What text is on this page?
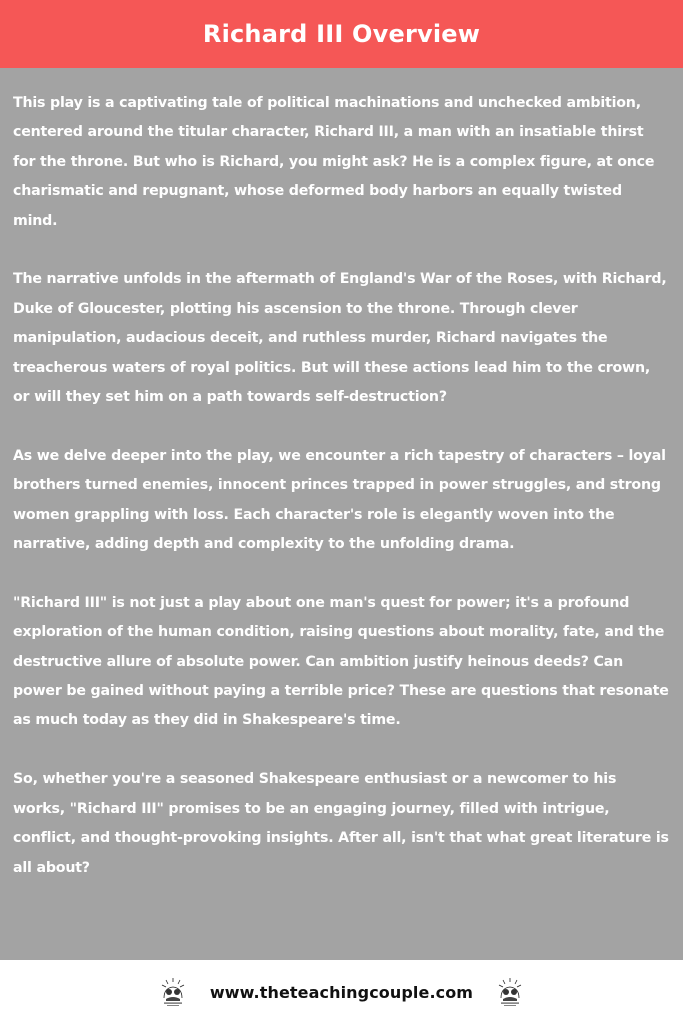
Richard III Overview

This play is a captivating tale of political machinations and unchecked ambition, centered around the titular character, Richard III, a man with an insatiable thirst for the throne. But who is Richard, you might ask? He is a complex figure, at once charismatic and repugnant, whose deformed body harbors an equally twisted mind.

The narrative unfolds in the aftermath of England's War of the Roses, with Richard, Duke of Gloucester, plotting his ascension to the throne. Through clever manipulation, audacious deceit, and ruthless murder, Richard navigates the treacherous waters of royal politics. But will these actions lead him to the crown, or will they set him on a path towards self-destruction?

As we delve deeper into the play, we encounter a rich tapestry of characters – loyal brothers turned enemies, innocent princes trapped in power struggles, and strong women grappling with loss. Each character's role is elegantly woven into the narrative, adding depth and complexity to the unfolding drama.

"Richard III" is not just a play about one man's quest for power; it's a profound exploration of the human condition, raising questions about morality, fate, and the destructive allure of absolute power. Can ambition justify heinous deeds? Can power be gained without paying a terrible price? These are questions that resonate as much today as they did in Shakespeare's time.

So, whether you're a seasoned Shakespeare enthusiast or a newcomer to his works, "Richard III" promises to be an engaging journey, filled with intrigue, conflict, and thought-provoking insights. After all, isn't that what great literature is all about?

www.theteachingcouple.com
